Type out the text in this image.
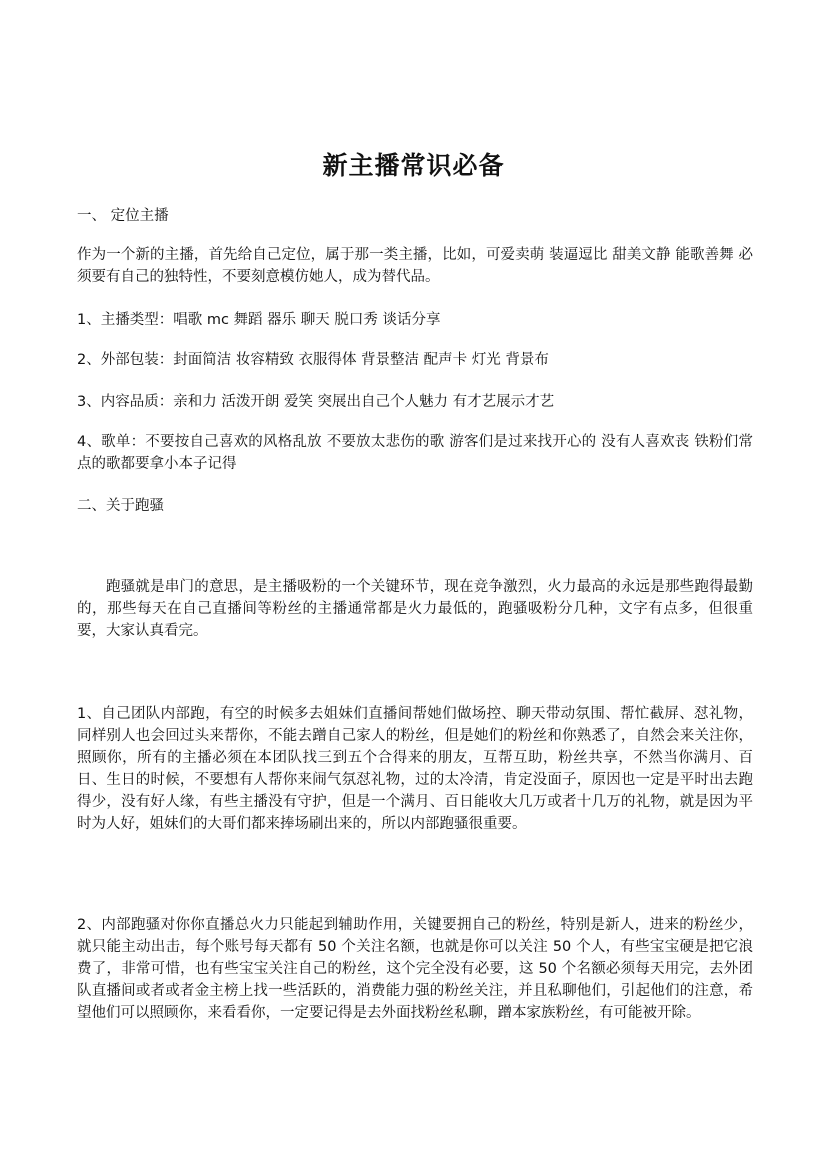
新主播常识必备

一、 定位主播

作为一个新的主播，首先给自己定位，属于那一类主播，比如，可爱卖萌 装逼逗比 甜美文静 能歌善舞 必须要有自己的独特性，不要刻意模仿她人，成为替代品。

1、主播类型：唱歌 mc 舞蹈 器乐 聊天 脱口秀 谈话分享

2、外部包装：封面简洁 妆容精致 衣服得体 背景整洁 配声卡 灯光 背景布

3、内容品质：亲和力 活泼开朗 爱笑 突展出自己个人魅力 有才艺展示才艺

4、歌单：不要按自己喜欢的风格乱放 不要放太悲伤的歌 游客们是过来找开心的 没有人喜欢丧 铁粉们常点的歌都要拿小本子记得

二、关于跑骚

跑骚就是串门的意思，是主播吸粉的一个关键环节，现在竞争激烈，火力最高的永远是那些跑得最勤的，那些每天在自己直播间等粉丝的主播通常都是火力最低的，跑骚吸粉分几种，文字有点多，但很重要，大家认真看完。

1、自己团队内部跑，有空的时候多去姐妹们直播间帮她们做场控、聊天带动氛围、帮忙截屏、怼礼物，同样别人也会回过头来帮你，不能去蹭自己家人的粉丝，但是她们的粉丝和你熟悉了，自然会来关注你，照顾你，所有的主播必须在本团队找三到五个合得来的朋友，互帮互助，粉丝共享，不然当你满月、百日、生日的时候，不要想有人帮你来闹气氛怼礼物，过的太冷清，肯定没面子，原因也一定是平时出去跑得少，没有好人缘，有些主播没有守护，但是一个满月、百日能收大几万或者十几万的礼物，就是因为平时为人好，姐妹们的大哥们都来捧场刷出来的，所以内部跑骚很重要。

2、内部跑骚对你你直播总火力只能起到辅助作用，关键要拥自己的粉丝，特别是新人，进来的粉丝少，就只能主动出击，每个账号每天都有 50 个关注名额，也就是你可以关注 50 个人，有些宝宝硬是把它浪费了，非常可惜，也有些宝宝关注自己的粉丝，这个完全没有必要，这 50 个名额必须每天用完，去外团队直播间或者或者金主榜上找一些活跃的，消费能力强的粉丝关注，并且私聊他们，引起他们的注意，希望他们可以照顾你，来看看你，一定要记得是去外面找粉丝私聊，蹭本家族粉丝，有可能被开除。
